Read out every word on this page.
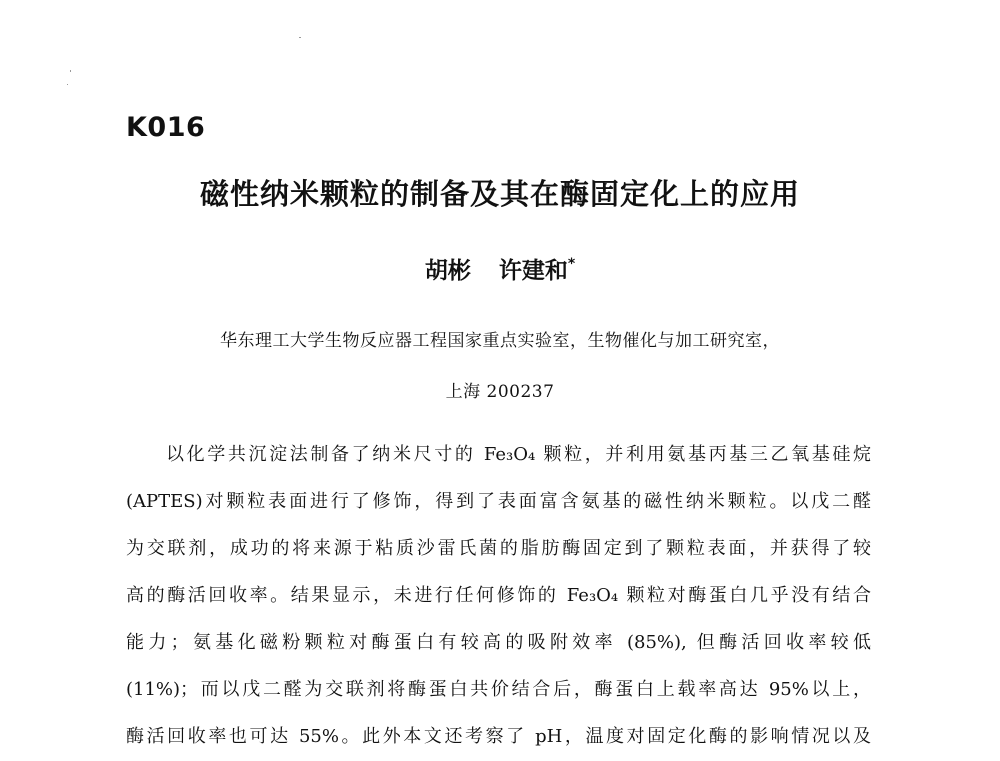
K016
磁性纳米颗粒的制备及其在酶固定化上的应用
胡彬 许建和*
华东理工大学生物反应器工程国家重点实验室，生物催化与加工研究室，
上海 200237
以化学共沉淀法制备了纳米尺寸的 Fe₃O₄ 颗粒，并利用氨基丙基三乙氧基硅烷
(APTES)对颗粒表面进行了修饰，得到了表面富含氨基的磁性纳米颗粒。以戊二醛
为交联剂，成功的将来源于粘质沙雷氏菌的脂肪酶固定到了颗粒表面，并获得了较
高的酶活回收率。结果显示，未进行任何修饰的 Fe₃O₄ 颗粒对酶蛋白几乎没有结合
能力；氨基化磁粉颗粒对酶蛋白有较高的吸附效率 (85%), 但酶活回收率较低
(11%)；而以戊二醛为交联剂将酶蛋白共价结合后，酶蛋白上载率高达 95%以上，
酶活回收率也可达 55%。此外本文还考察了 pH，温度对固定化酶的影响情况以及
